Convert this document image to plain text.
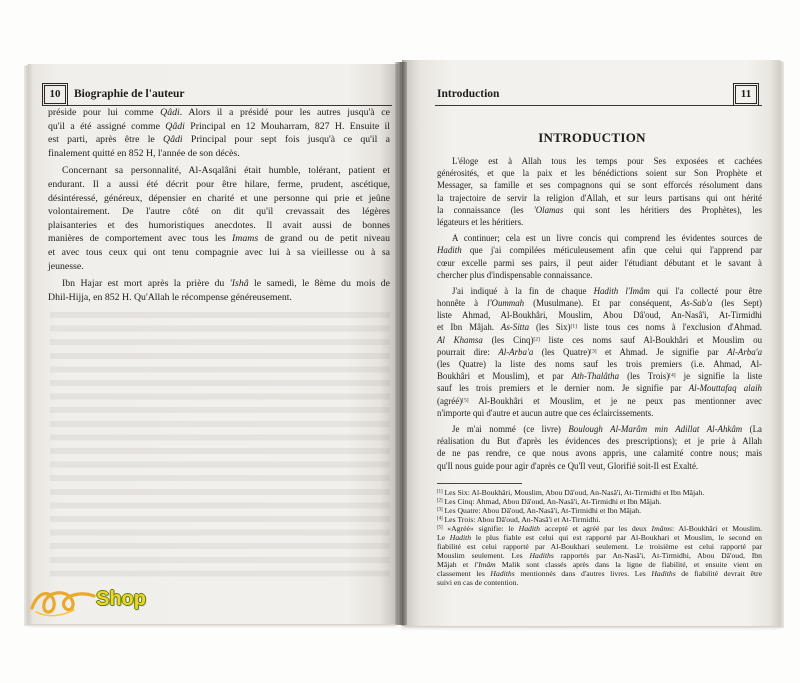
10	Biographie de l'auteur	Introduction	11
INTRODUCTION
préside pour lui comme Qâdi. Alors il a présidé pour les autres jusqu'à ce
qu'il a été assigné comme Qâdi Principal en 12 Mouharram, 827 H. Ensuite il
est parti, après être le Qâdi Principal pour sept fois jusqu'à ce qu'il a
finalement quitté en 852 H, l'année de son décès.
Concernant sa personnalité, Al-Asqalâni était humble, tolérant, patient et
endurant. Il a aussi été décrit pour être hilare, ferme, prudent, ascétique,
désintéressé, généreux, dépensier en charité et une personne qui prie et jeûne
volontairement. De l'autre côté on dit qu'il crevassait des légères
plaisanteries et des humoristiques anecdotes. Il avait aussi de bonnes
manières de comportement avec tous les Imams de grand ou de petit niveau
et avec tous ceux qui ont tenu compagnie avec lui à sa vieillesse ou à sa
jeunesse.
Ibn Hajar est mort après la prière du 'Ishâ le samedi, le 8ème du mois de
Dhil-Hijja, en 852 H. Qu'Allah le récompense généreusement.
L'éloge est à Allah tous les temps pour Ses exposées et cachées
générosités, et que la paix et les bénédictions soient sur Son Prophète et
Messager, sa famille et ses compagnons qui se sont efforcés résolument dans
la trajectoire de servir la religion d'Allah, et sur leurs partisans qui ont hérité
la connaissance (les 'Olamas qui sont les héritiers des Prophètes), les
légateurs et les héritiers.
A continuer; cela est un livre concis qui comprend les évidentes sources de
Hadith que j'ai compilées méticuleusement afin que celui qui l'apprend par
cœur excelle parmi ses pairs, il peut aider l'étudiant débutant et le savant à
chercher plus d'indispensable connaissance.
J'ai indiqué à la fin de chaque Hadith l'Imâm qui l'a collecté pour être
honnête à l'Oummah (Musulmane). Et par conséquent, As-Sab'a (les Sept)
liste Ahmad, Al-Boukhâri, Mouslim, Abou Dâ'oud, An-Nasâ'i, At-Tirmidhi
et Ibn Mâjah. As-Sitta (les Six)[1] liste tous ces noms à l'exclusion d'Ahmad.
Al Khamsa (les Cinq)[2] liste ces noms sauf Al-Boukhâri et Mouslim ou
pourrait dire: Al-Arba'a (les Quatre)[3] et Ahmad. Je signifie par Al-Arba'a
(les Quatre) la liste des noms sauf les trois premiers (i.e. Ahmad, Al-
Boukhâri et Mouslim), et par Ath-Thalâtha (les Trois)[4] je signifie la liste
sauf les trois premiers et le dernier nom. Je signifie par Al-Mouttafaq alaih
(agréé)[5] Al-Boukhâri et Mouslim, et je ne peux pas mentionner avec
n'importe qui d'autre et aucun autre que ces éclaircissements.
Je m'ai nommé (ce livre) Boulough Al-Marâm min Adillat Al-Ahkâm (La
réalisation du But d'après les évidences des prescriptions); et je prie à Allah
de ne pas rendre, ce que nous avons appris, une calamité contre nous; mais
qu'Il nous guide pour agir d'après ce Qu'Il veut, Glorifié soit-Il est Exalté.
[1] Les Six: Al-Boukhâri, Mouslim, Abou Dâ'oud, An-Nasâ'i, At-Tirmidhi et Ibn Mâjah.
[2] Les Cinq: Ahmad, Abou Dâ'oud, An-Nasâ'i, At-Tirmidhi et Ibn Mâjah.
[3] Les Quatre: Abou Dâ'oud, An-Nasâ'i, At-Tirmidhi et Ibn Mâjah.
[4] Les Trois: Abou Dâ'oud, An-Nasâ'i et At-Tirmidhi.
[5] «Agréé» signifie: le Hadith accepté et agréé par les deux Imâms: Al-Boukhâri et Mouslim.
Le Hadith le plus fiable est celui qui est rapporté par Al-Boukhari et Mouslim, le second en
fiabilité est celui rapporté par Al-Boukhari seulement. Le troisième est celui rapporté par
Mouslim seulement. Les Hadiths rapportés par An-Nasâ'i, At-Tirmidhi, Abou Dâ'oud, Ibn
Mâjah et l'Imâm Malik sont classés après dans la ligne de fiabilité, et ensuite vient en
classement les Hadiths mentionnés dans d'autres livres. Les Hadiths de fiabilité devrait être
suivi en cas de contention.
Shop
